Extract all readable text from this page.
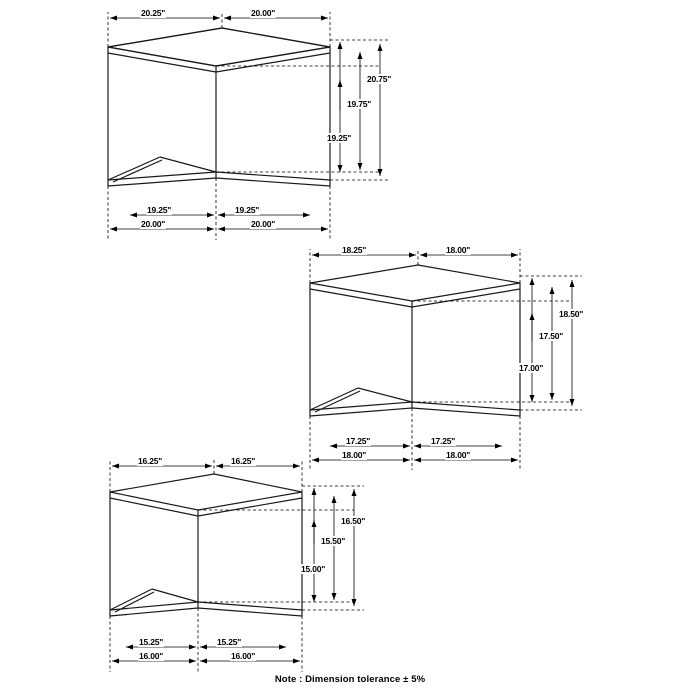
20.25"	20.00"
20.75"
19.75"
19.25"
19.25"	19.25"
20.00"	20.00"
18.25"	18.00"
18.50"
17.50"
17.00"
17.25"	17.25"
18.00"	18.00"
16.25"	16.25"
16.50"
15.50"
15.00"
15.25"	15.25"
16.00"	16.00"
Note : Dimension tolerance ± 5%
